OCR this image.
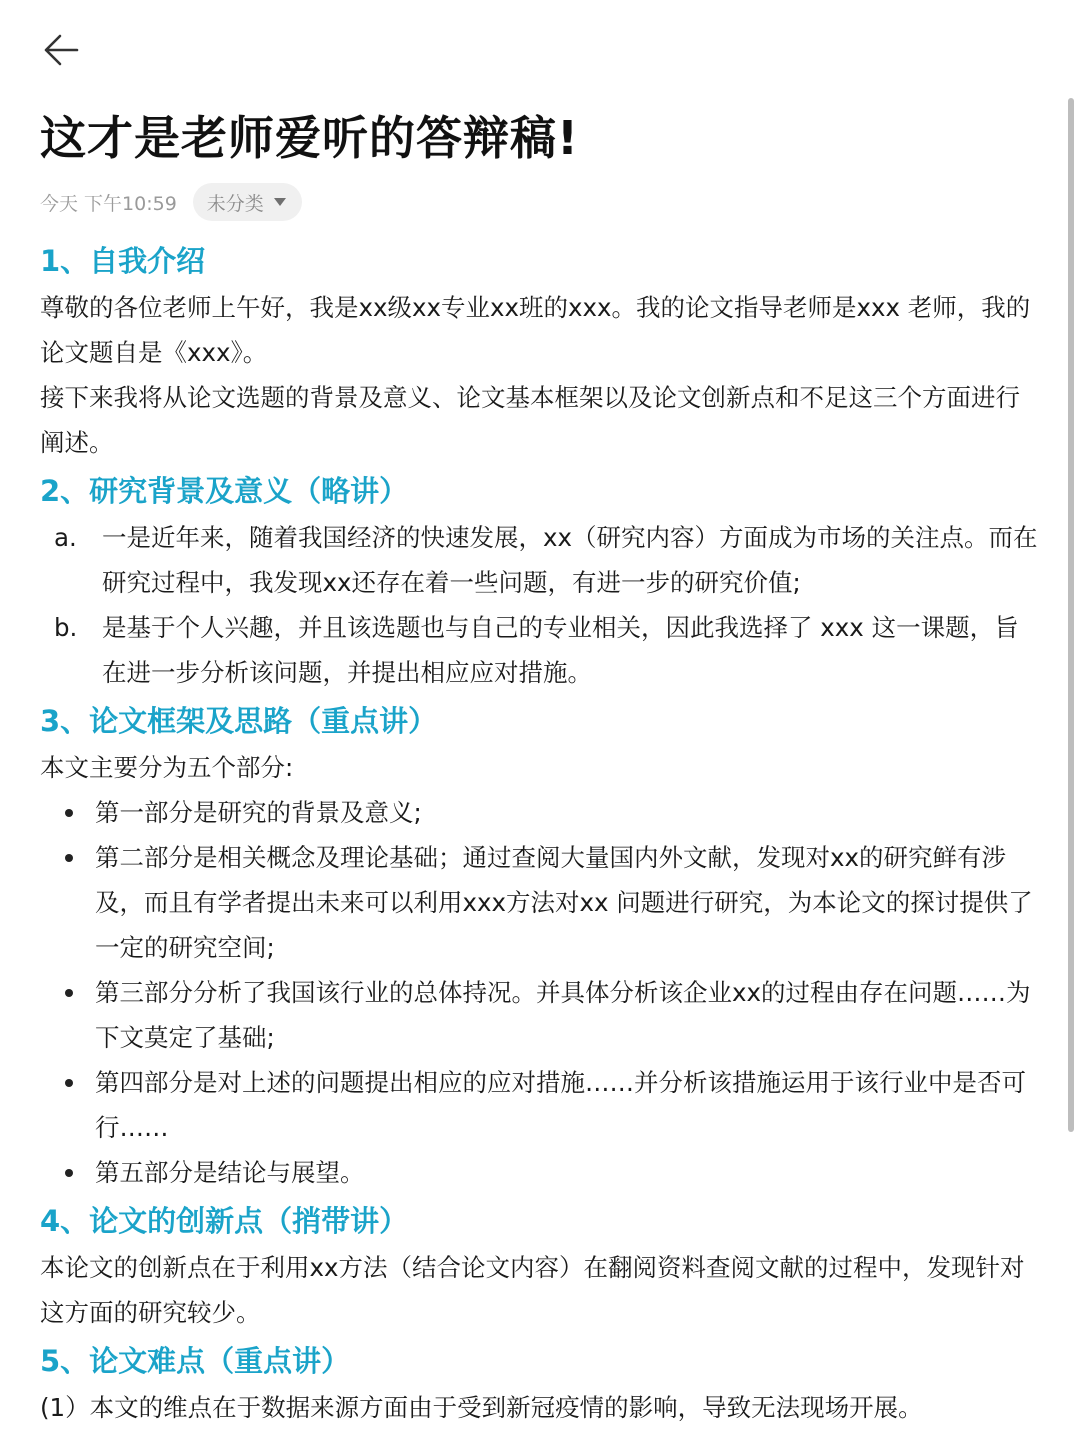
这才是老师爱听的答辩稿!
今天 下午10:59 未分类
1、自我介绍

尊敬的各位老师上午好，我是xx级xx专业xx班的xxx。我的论文指导老师是xxx 老师，我的论文题自是《xxx》。

接下来我将从论文选题的背景及意义、论文基本框架以及论文创新点和不足这三个方面进行阐述。

2、研究背景及意义（略讲）
a. 一是近年来，随着我国经济的快速发展，xx（研究内容）方面成为市场的关注点。而在研究过程中，我发现xx还存在着一些问题，有进一步的研究价值;
b. 是基于个人兴趣，并且该选题也与自己的专业相关，因此我选择了 xxx 这一课题，旨在进一步分析该问题，并提出相应应对措施。
3、论文框架及思路（重点讲）

本文主要分为五个部分:

第一部分是研究的背景及意义;
第二部分是相关概念及理论基础；通过查阅大量国内外文献，发现对xx的研究鲜有涉及，而且有学者提出未来可以利用xxx方法对xx 问题进行研究，为本论文的探讨提供了一定的研究空间;
第三部分分析了我国该行业的总体持况。并具体分析该企业xx的过程由存在问题……为下文莫定了基础;
第四部分是对上述的问题提出相应的应对措施……并分析该措施运用于该行业中是否可行……
第五部分是结论与展望。
4、论文的创新点（捎带讲）

本论文的创新点在于利用xx方法（结合论文内容）在翻阅资料查阅文献的过程中，发现针对这方面的研究较少。

5、论文难点（重点讲）

(1）本文的维点在于数据来源方面由于受到新冠疫情的影响，导致无法现场开展。
